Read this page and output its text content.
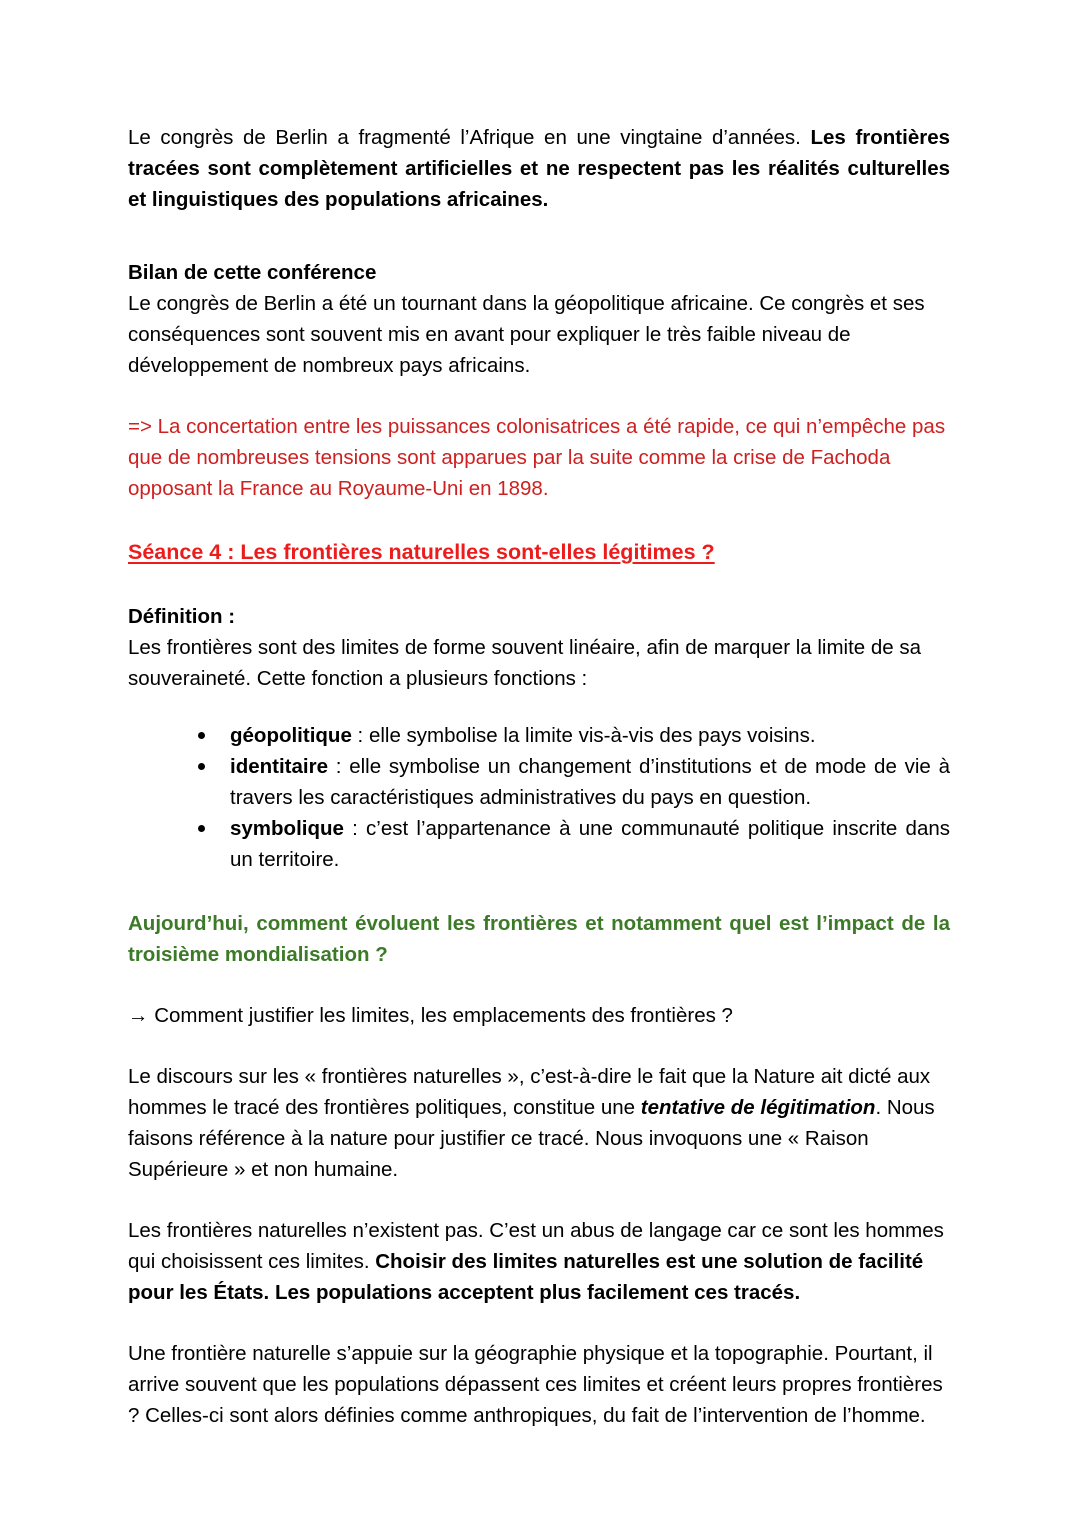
Le congrès de Berlin a fragmenté l’Afrique en une vingtaine d’années. Les frontières tracées sont complètement artificielles et ne respectent pas les réalités culturelles et linguistiques des populations africaines.

Bilan de cette conférence

Le congrès de Berlin a été un tournant dans la géopolitique africaine. Ce congrès et ses conséquences sont souvent mis en avant pour expliquer le très faible niveau de développement de nombreux pays africains.

=> La concertation entre les puissances colonisatrices a été rapide, ce qui n’empêche pas que de nombreuses tensions sont apparues par la suite comme la crise de Fachoda opposant la France au Royaume-Uni en 1898.

Séance 4 : Les frontières naturelles sont-elles légitimes ?

Définition :

Les frontières sont des limites de forme souvent linéaire, afin de marquer la limite de sa souveraineté. Cette fonction a plusieurs fonctions :

géopolitique : elle symbolise la limite vis-à-vis des pays voisins.
identitaire : elle symbolise un changement d’institutions et de mode de vie à travers les caractéristiques administratives du pays en question.
symbolique : c’est l’appartenance à une communauté politique inscrite dans un territoire.

Aujourd’hui, comment évoluent les frontières et notamment quel est l’impact de la troisième mondialisation ?

→ Comment justifier les limites, les emplacements des frontières ?

Le discours sur les « frontières naturelles », c’est-à-dire le fait que la Nature ait dicté aux hommes le tracé des frontières politiques, constitue une tentative de légitimation. Nous faisons référence à la nature pour justifier ce tracé. Nous invoquons une « Raison Supérieure » et non humaine.

Les frontières naturelles n’existent pas. C’est un abus de langage car ce sont les hommes qui choisissent ces limites. Choisir des limites naturelles est une solution de facilité pour les États. Les populations acceptent plus facilement ces tracés.

Une frontière naturelle s’appuie sur la géographie physique et la topographie. Pourtant, il arrive souvent que les populations dépassent ces limites et créent leurs propres frontières ? Celles-ci sont alors définies comme anthropiques, du fait de l’intervention de l’homme.
